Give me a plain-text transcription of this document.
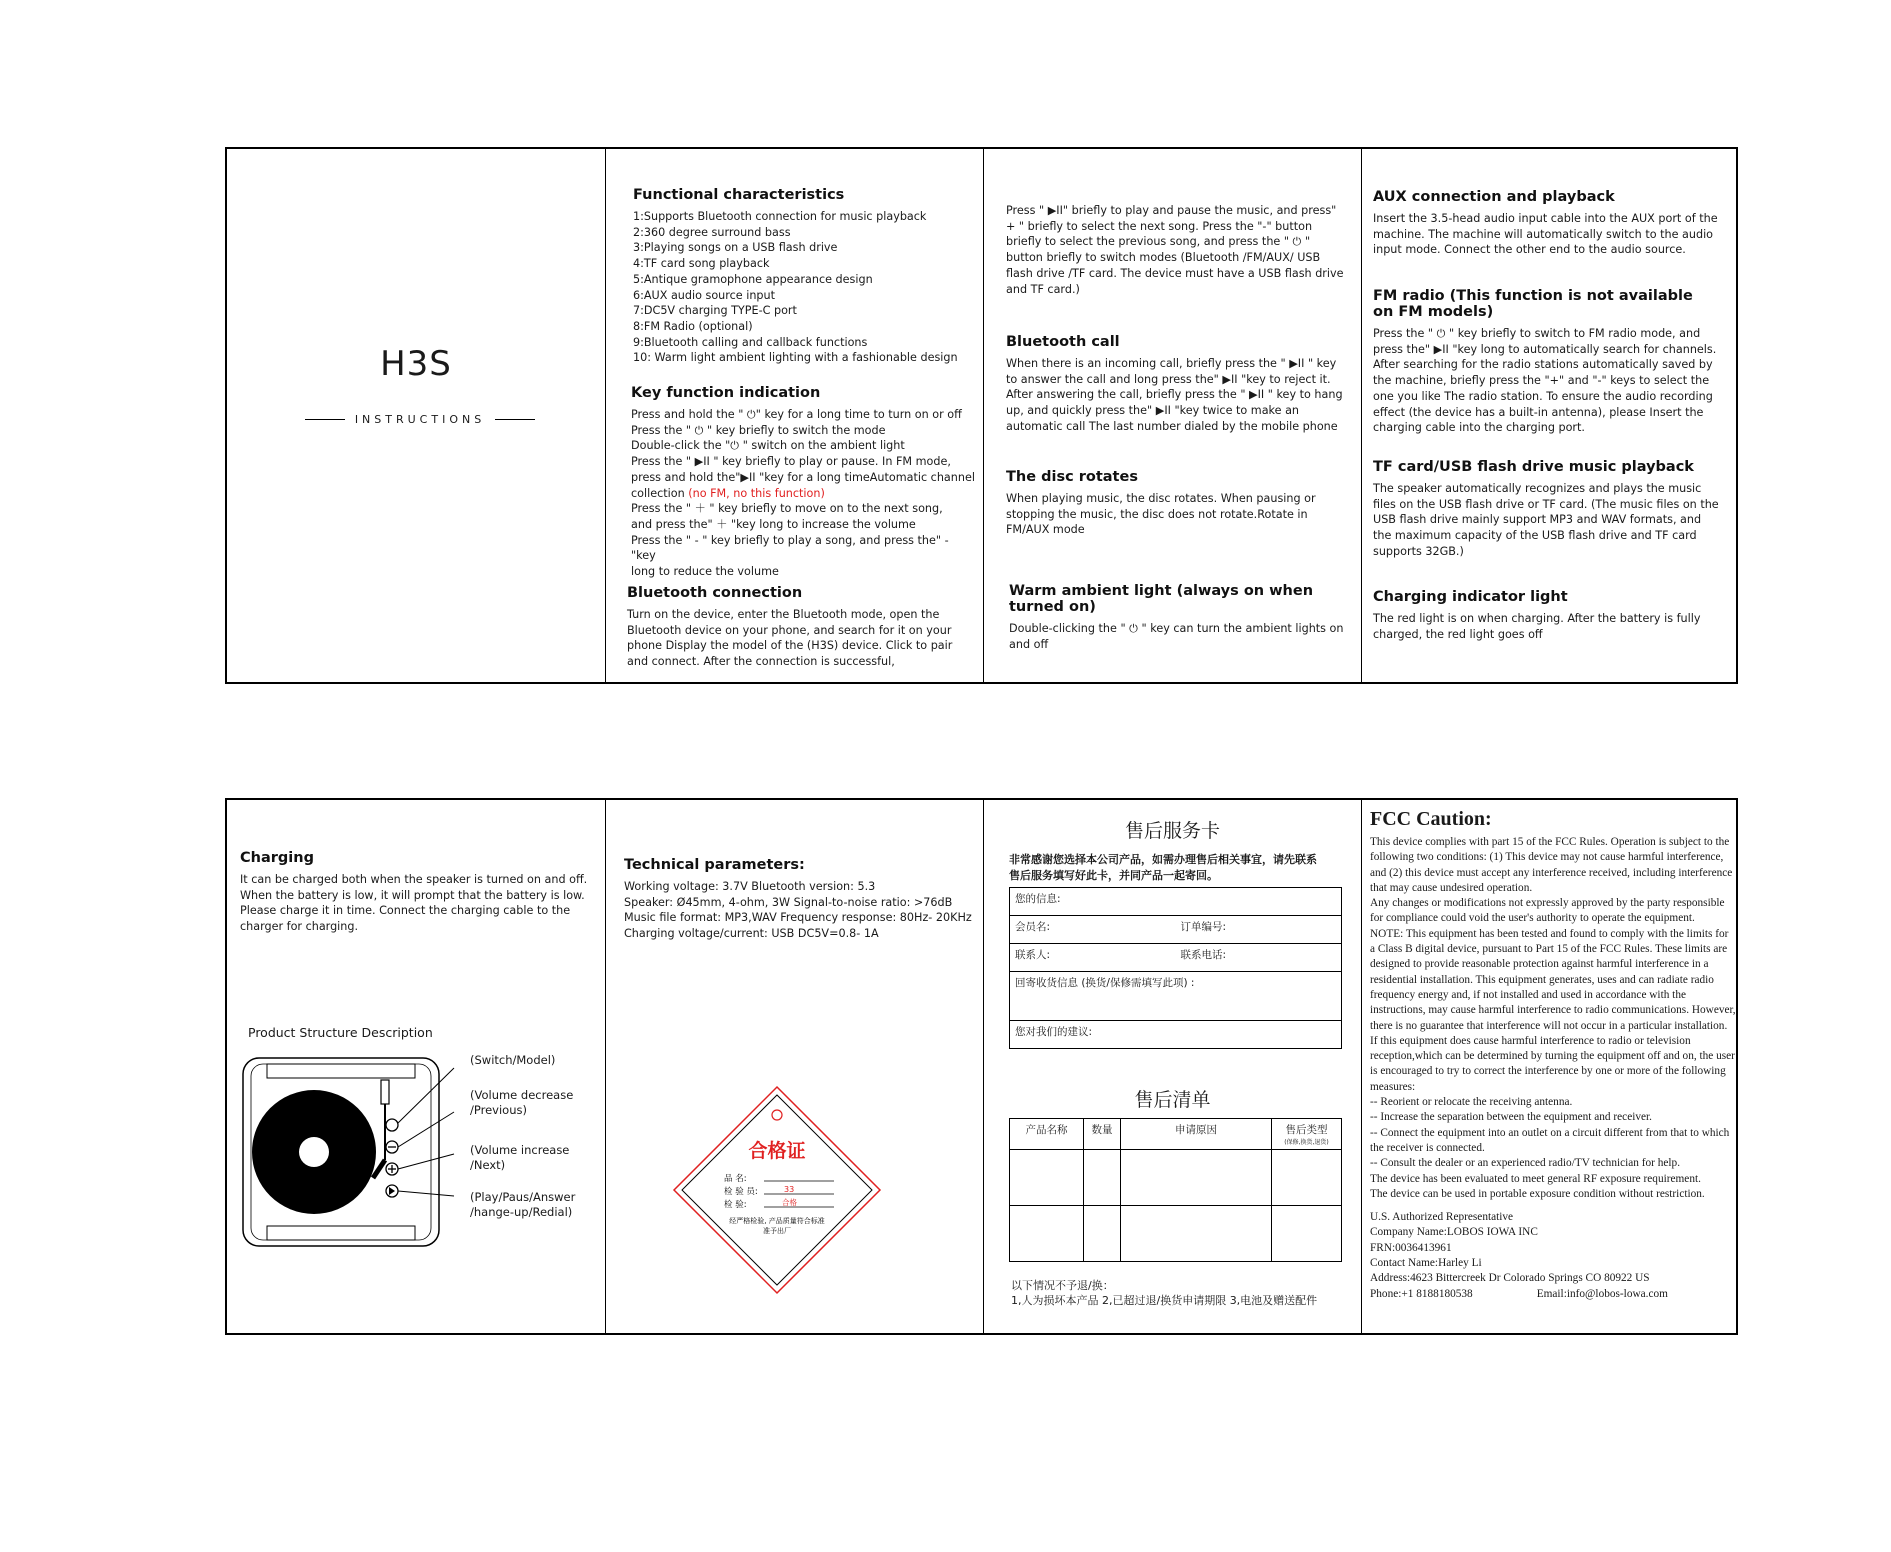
H3S
INSTRUCTIONS
Functional characteristics
1:Supports Bluetooth connection for music playback
2:360 degree surround bass
3:Playing songs on a USB flash drive
4:TF card song playback
5:Antique gramophone appearance design
6:AUX audio source input
7:DC5V charging TYPE-C port
8:FM Radio (optional)
9:Bluetooth calling and callback functions
10: Warm light ambient lighting with a fashionable design
Key function indication

Press and hold the " ⏻" key for a long time to turn on or off

Press the " ⏻ " key briefly to switch the mode

Double-click the "⏻ " switch on the ambient light

Press the " ▶II " key briefly to play or pause. In FM mode,

press and hold the"▶II "key for a long timeAutomatic channel

collection (no FM, no this function)

Press the " ＋ " key briefly to move on to the next song,

and press the" ＋ "key long to increase the volume

Press the " - " key briefly to play a song, and press the" - "key

long to reduce the volume

Bluetooth connection

Turn on the device, enter the Bluetooth mode, open the Bluetooth device on your phone, and search for it on your phone Display the model of the (H3S) device. Click to pair and connect. After the connection is successful,

Press " ▶II" briefly to play and pause the music, and press" + " briefly to select the next song. Press the "-" button briefly to select the previous song, and press the " ⏻ " button briefly to switch modes (Bluetooth /FM/AUX/ USB flash drive /TF card. The device must have a USB flash drive and TF card.)

Bluetooth call

When there is an incoming call, briefly press the " ▶II " key to answer the call and long press the" ▶II "key to reject it. After answering the call, briefly press the " ▶II " key to hang up, and quickly press the" ▶II "key twice to make an automatic call The last number dialed by the mobile phone

The disc rotates

When playing music, the disc rotates. When pausing or stopping the music, the disc does not rotate.Rotate in FM/AUX mode

Warm ambient light (always on when turned on)

Double-clicking the " ⏻ " key can turn the ambient lights on and off

AUX connection and playback

Insert the 3.5-head audio input cable into the AUX port of the machine. The machine will automatically switch to the audio input mode. Connect the other end to the audio source.

FM radio (This function is not available
on FM models)

Press the " ⏻ " key briefly to switch to FM radio mode, and press the" ▶II "key long to automatically search for channels. After searching for the radio stations automatically saved by the machine, briefly press the "+" and "-" keys to select the one you like The radio station. To ensure the audio recording effect (the device has a built-in antenna), please Insert the charging cable into the charging port.

TF card/USB flash drive music playback

The speaker automatically recognizes and plays the music files on the USB flash drive or TF card. (The music files on the USB flash drive mainly support MP3 and WAV formats, and the maximum capacity of the USB flash drive and TF card supports 32GB.)

Charging indicator light

The red light is on when charging. After the battery is fully charged, the red light goes off

Charging

It can be charged both when the speaker is turned on and off. When the battery is low, it will prompt that the battery is low. Please charge it in time. Connect the charging cable to the charger for charging.

Product Structure Description
(Switch/Model)
(Volume decrease
/Previous)
(Volume increase
/Next)
(Play/Paus/Answer
/hange-up/Redial)
Technical parameters:

Working voltage: 3.7V Bluetooth version: 5.3

Speaker: Ø45mm, 4-ohm, 3W Signal-to-noise ratio: >76dB

Music file format: MP3,WAV Frequency response: 80Hz- 20KHz

Charging voltage/current: USB DC5V=0.8- 1A

合格证
品 名:
检 验 员:	33
检 验:	合格
经严格检验, 产品质量符合标准
准予出厂
售后服务卡
非常感谢您选择本公司产品，如需办理售后相关事宜，请先联系售后服务填写好此卡，并同产品一起寄回。
您的信息:	
会员名:	订单编号:
联系人:	联系电话:
回寄收货信息 (换货/保修需填写此项) :	
您对我们的建议:	
售后清单
产品名称	数量	申请原因	售后类型
(保修,换货,退货)

以下情况不予退/换：
1,人为损坏本产品 2,已超过退/换货申请期限 3,电池及赠送配件
FCC Caution:

This device complies with part 15 of the FCC Rules. Operation is subject to the following two conditions: (1) This device may not cause harmful interference, and (2) this device must accept any interference received, including interference that may cause undesired operation.

Any changes or modifications not expressly approved by the party responsible for compliance could void the user's authority to operate the equipment.

NOTE: This equipment has been tested and found to comply with the limits for a Class B digital device, pursuant to Part 15 of the FCC Rules. These limits are designed to provide reasonable protection against harmful interference in a residential installation. This equipment generates, uses and can radiate radio frequency energy and, if not installed and used in accordance with the instructions, may cause harmful interference to radio communications. However, there is no guarantee that interference will not occur in a particular installation.

If this equipment does cause harmful interference to radio or television reception,which can be determined by turning the equipment off and on, the user is encouraged to try to correct the interference by one or more of the following measures:

-- Reorient or relocate the receiving antenna.

-- Increase the separation between the equipment and receiver.

-- Connect the equipment into an outlet on a circuit different from that to which the receiver is connected.

-- Consult the dealer or an experienced radio/TV technician for help.

The device has been evaluated to meet general RF exposure requirement.

The device can be used in portable exposure condition without restriction.

U.S. Authorized Representative

Company Name:LOBOS IOWA INC

FRN:0036413961

Contact Name:Harley Li

Address:4623 Bittercreek Dr Colorado Springs CO 80922 US

Phone:+1 8188180538	Email:info@lobos-lowa.com
